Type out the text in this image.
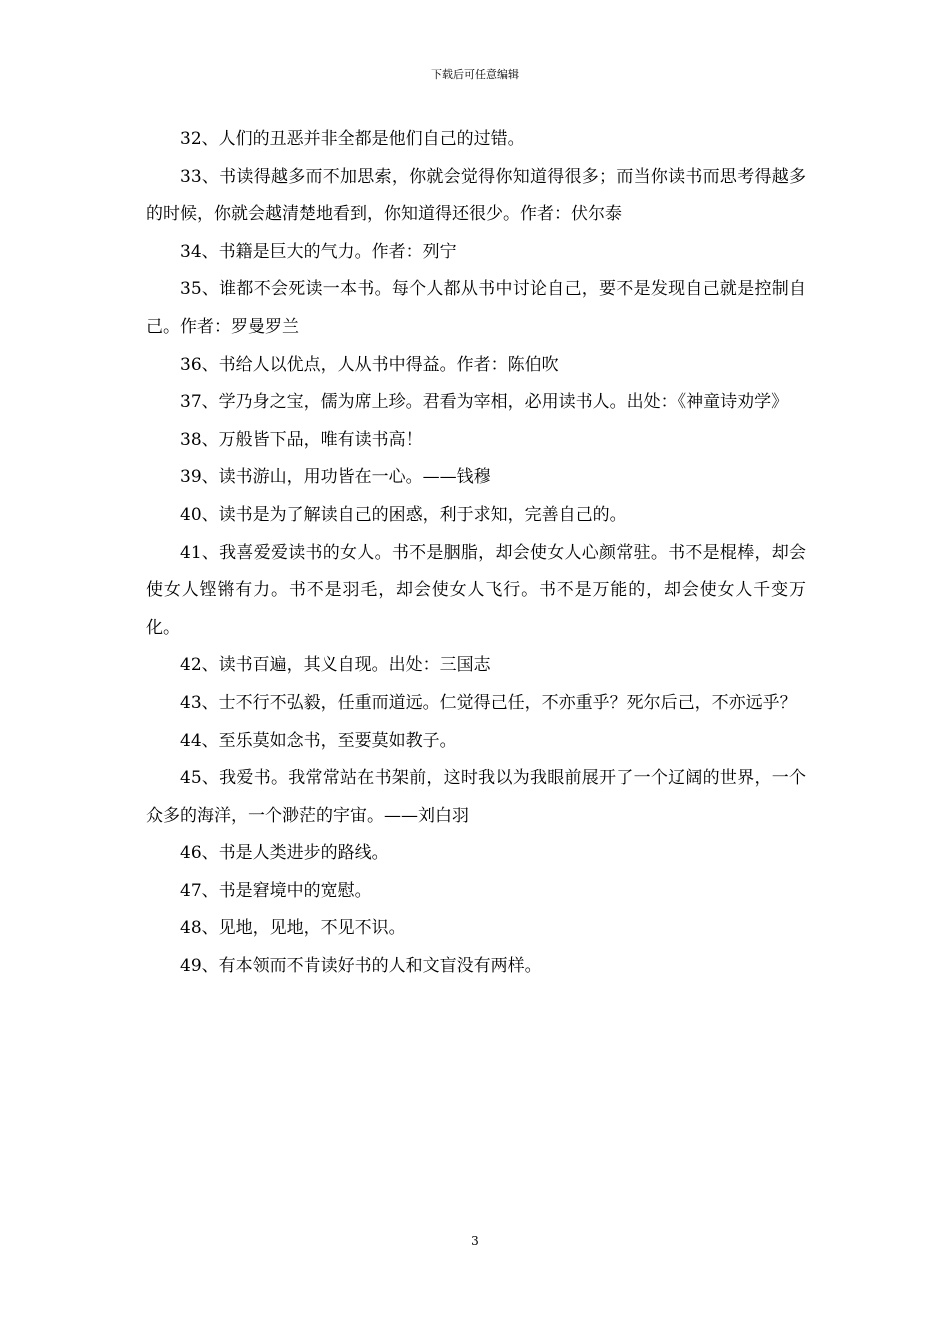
下载后可任意编辑

32、人们的丑恶并非全都是他们自己的过错。

33、书读得越多而不加思索，你就会觉得你知道得很多；而当你读书而思考得越多的时候，你就会越清楚地看到，你知道得还很少。作者：伏尔泰

34、书籍是巨大的气力。作者：列宁

35、谁都不会死读一本书。每个人都从书中讨论自己，要不是发现自己就是控制自己。作者：罗曼罗兰

36、书给人以优点，人从书中得益。作者：陈伯吹

37、学乃身之宝，儒为席上珍。君看为宰相，必用读书人。出处：《神童诗劝学》

38、万般皆下品，唯有读书高！

39、读书游山，用功皆在一心。——钱穆

40、读书是为了解读自己的困惑，利于求知，完善自己的。

41、我喜爱爱读书的女人。书不是胭脂，却会使女人心颜常驻。书不是棍棒，却会使女人铿锵有力。书不是羽毛，却会使女人飞行。书不是万能的，却会使女人千变万化。

42、读书百遍，其义自现。出处：三国志

43、士不行不弘毅，任重而道远。仁觉得己任，不亦重乎？死尔后己，不亦远乎？

44、至乐莫如念书，至要莫如教子。

45、我爱书。我常常站在书架前，这时我以为我眼前展开了一个辽阔的世界，一个众多的海洋，一个渺茫的宇宙。——刘白羽

46、书是人类进步的路线。

47、书是窘境中的宽慰。

48、见地，见地，不见不识。

49、有本领而不肯读好书的人和文盲没有两样。

3
